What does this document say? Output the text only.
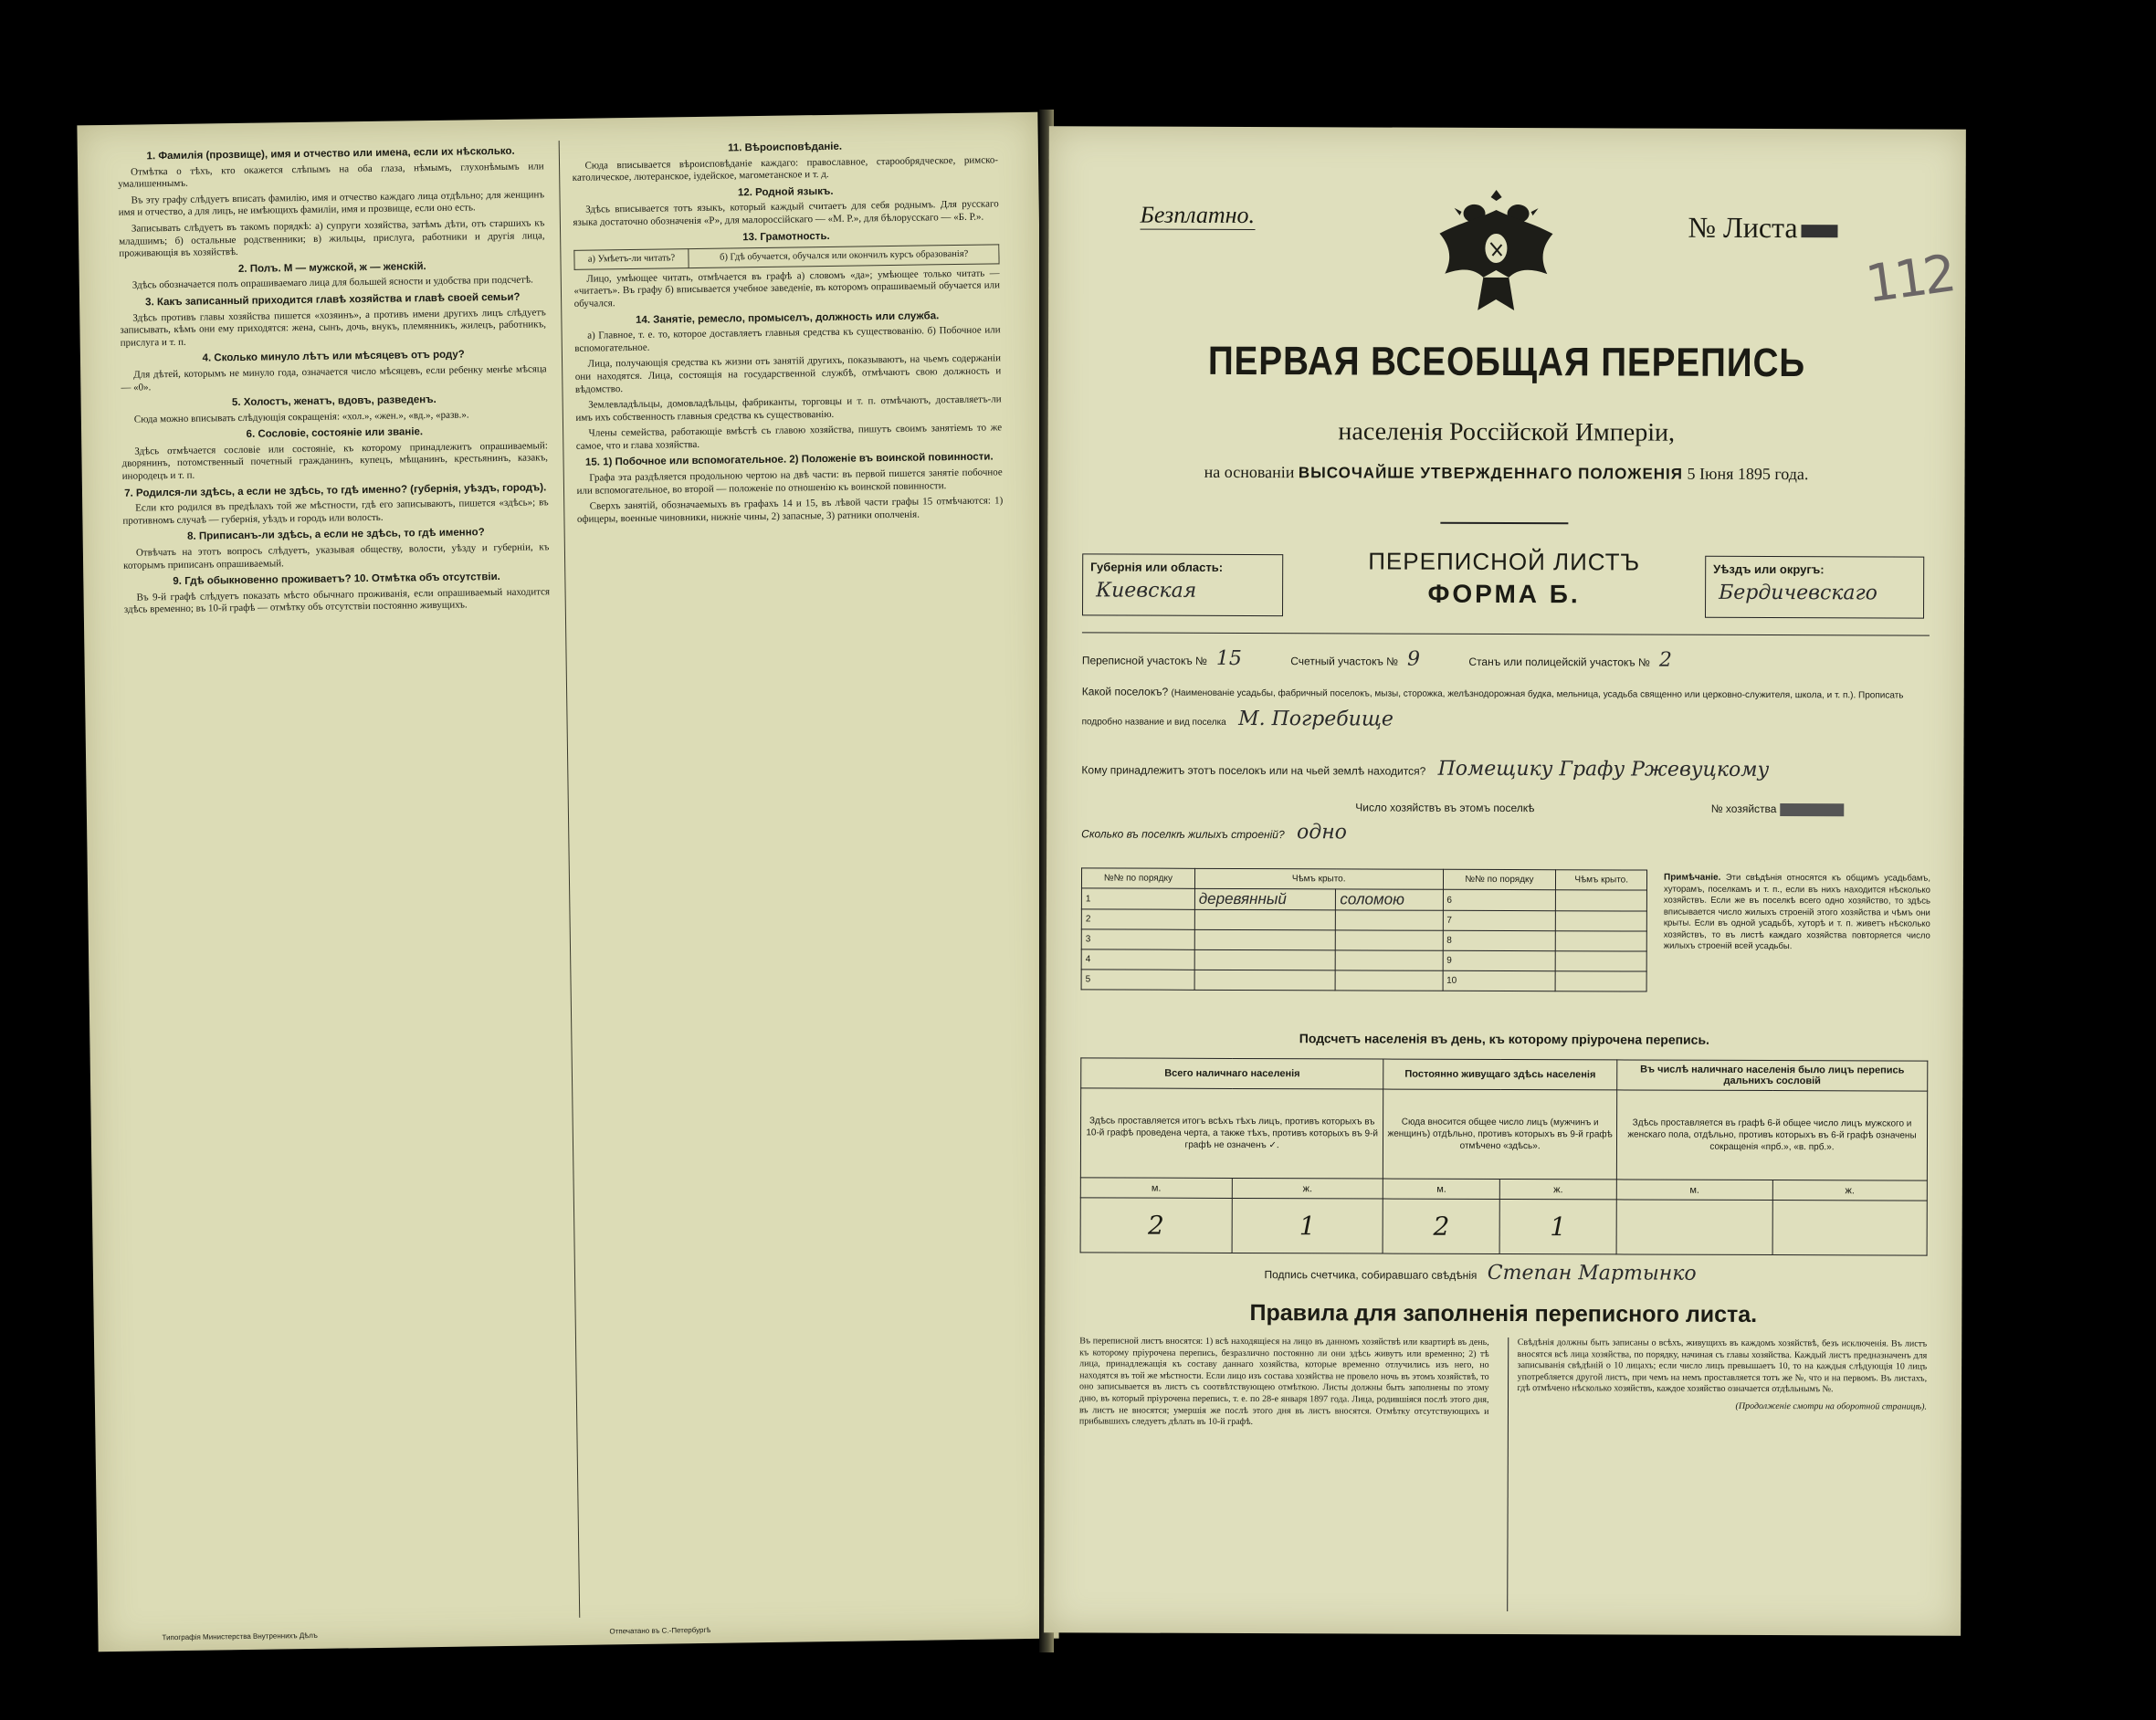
1. Фамилія (прозвище), имя и отчество или имена, если их нѣсколько.

Отмѣтка о тѣхъ, кто окажется слѣпымъ на оба глаза, нѣмымъ, глухонѣмымъ или умалишеннымъ.

Въ эту графу слѣдуетъ вписать фамилію, имя и отчество каждаго лица отдѣльно; для женщинъ имя и отчество, а для лицъ, не имѣющихъ фамиліи, имя и прозвище, если оно есть.

Записывать слѣдуетъ въ такомъ порядкѣ: a) супруги хозяйства, затѣмъ дѣти, отъ старшихъ къ младшимъ; б) остальные родственники; в) жильцы, прислуга, работники и другія лица, проживающія въ хозяйствѣ.

2. Полъ. М — мужской, ж — женскій.

Здѣсь обозначается полъ опрашиваемаго лица для большей ясности и удобства при подсчетѣ.

3. Какъ записанный приходится главѣ хозяйства и главѣ своей семьи?

Здѣсь противъ главы хозяйства пишется «хозяинъ», а противъ имени другихъ лицъ слѣдуетъ записывать, кѣмъ они ему приходятся: жена, сынъ, дочь, внукъ, племянникъ, жилецъ, работникъ, прислуга и т. п.

4. Сколько минуло лѣтъ или мѣсяцевъ отъ роду?

Для дѣтей, которымъ не минуло года, означается число мѣсяцевъ, если ребенку менѣе мѣсяца — «0».

5. Холостъ, женатъ, вдовъ, разведенъ.

Сюда можно вписывать слѣдующія сокращенія: «хол.», «жен.», «вд.», «разв.».

6. Сословіе, состояніе или званіе.

Здѣсь отмѣчается сословіе или состояніе, къ которому принадлежитъ опрашиваемый: дворянинъ, потомственный почетный гражданинъ, купецъ, мѣщанинъ, крестьянинъ, казакъ, инородецъ и т. п.

7. Родился-ли здѣсь, а если не здѣсь, то гдѣ именно? (губернія, уѣздъ, городъ).

Если кто родился въ предѣлахъ той же мѣстности, гдѣ его записываютъ, пишется «здѣсь»; въ противномъ случаѣ — губернія, уѣздъ и городъ или волость.

8. Приписанъ-ли здѣсь, а если не здѣсь, то гдѣ именно?

Отвѣчать на этотъ вопросъ слѣдуетъ, указывая обществу, волости, уѣзду и губерніи, къ которымъ приписанъ опрашиваемый.

9. Гдѣ обыкновенно проживаетъ? 10. Отмѣтка объ отсутствіи.

Въ 9-й графѣ слѣдуетъ показать мѣсто обычнаго проживанія, если опрашиваемый находится здѣсь временно; въ 10-й графѣ — отмѣтку объ отсутствіи постоянно живущихъ.

11. Вѣроисповѣданіе.

Сюда вписывается вѣроисповѣданіе каждаго: православное, старообрядческое, римско-католическое, лютеранское, іудейское, магометанское и т. д.

12. Родной языкъ.

Здѣсь вписывается тотъ языкъ, который каждый считаетъ для себя роднымъ. Для русскаго языка достаточно обозначенія «Р», для малороссійскаго — «М. Р.», для бѣлорусскаго — «Б. Р.».

13. Грамотность.
а) Умѣетъ-ли читать?	б) Гдѣ обучается, обучался или окончилъ курсъ образованія?

Лицо, умѣющее читать, отмѣчается въ графѣ а) словомъ «да»; умѣющее только читать — «читаетъ». Въ графу б) вписывается учебное заведеніе, въ которомъ опрашиваемый обучается или обучался.

14. Занятіе, ремесло, промыселъ, должность или служба.

а) Главное, т. е. то, которое доставляетъ главныя средства къ существованію. б) Побочное или вспомогательное.

Лица, получающія средства къ жизни отъ занятій другихъ, показываютъ, на чьемъ содержаніи они находятся. Лица, состоящія на государственной службѣ, отмѣчаютъ свою должность и вѣдомство.

Землевладѣльцы, домовладѣльцы, фабриканты, торговцы и т. п. отмѣчаютъ, доставляетъ-ли имъ ихъ собственность главныя средства къ существованію.

Члены семейства, работающіе вмѣстѣ съ главою хозяйства, пишутъ своимъ занятіемъ то же самое, что и глава хозяйства.

15. 1) Побочное или вспомогательное. 2) Положеніе въ воинской повинности.

Графа эта раздѣляется продольною чертою на двѣ части: въ первой пишется занятіе побочное или вспомогательное, во второй — положеніе по отношенію къ воинской повинности.

Сверхъ занятій, обозначаемыхъ въ графахъ 14 и 15, въ лѣвой части графы 15 отмѣчаются: 1) офицеры, военные чиновники, нижніе чины, 2) запасные, 3) ратники ополченія.

Типографія Министерства Внутреннихъ Дѣлъ
Отпечатано въ С.-Петербургѣ
Безплатно.	№ Листа
112
ПЕРВАЯ ВСЕОБЩАЯ ПЕРЕПИСЬ
населенія Россійской Имперіи,
на основаніи ВЫСОЧАЙШЕ УТВЕРЖДЕННАГО ПОЛОЖЕНІЯ 5 Іюня 1895 года.
Губернія или область:
Киевская
ПЕРЕПИСНОЙ ЛИСТЪ
ФОРМА Б.
Уѣздъ или округъ:
Бердичевскаго
Переписной участокъ № 15	Счетный участокъ № 9	Станъ или полицейскій участокъ № 2
Какой поселокъ? (Наименованіе усадьбы, фабричный поселокъ, мызы, сторожка, желѣзнодорожная будка, мельница, усадьба священно или церковно-служителя, школа, и т. п.). Прописать подробно название и вид поселка М. Погребище
Кому принадлежитъ этотъ поселокъ или на чьей землѣ находится? Помещику Графу Ржевуцкому
Число хозяйствъ въ этомъ поселкѣ	№ хозяйства
Сколько въ поселкѣ жилыхъ строеній? одно
№№ по порядку	Чѣмъ крыто.		№№ по порядку	Чѣмъ крыто.
1	деревянный	соломою	6	
2			7	
3			8	
4			9	
5			10	
Примѣчаніе. Эти свѣдѣнія относятся къ общимъ усадьбамъ, хуторамъ, поселкамъ и т. п., если въ нихъ находится нѣсколько хозяйствъ. Если же въ поселкѣ всего одно хозяйство, то здѣсь вписывается число жилыхъ строеній этого хозяйства и чѣмъ они крыты. Если въ одной усадьбѣ, хуторѣ и т. п. живетъ нѣсколько хозяйствъ, то въ листѣ каждаго хозяйства повторяется число жилыхъ строеній всей усадьбы.
Подсчетъ населенія въ день, къ которому пріурочена перепись.
Всего наличнаго населенія		Постоянно живущаго здѣсь населенія		Въ числѣ наличнаго населенія было лицъ перепись дальнихъ сословій	
Здѣсь проставляется итогъ всѣхъ тѣхъ лицъ, противъ которыхъ въ 10-й графѣ проведена черта, а также тѣхъ, противъ которыхъ въ 9-й графѣ не означенъ ✓.		Сюда вносится общее число лицъ (мужчинъ и женщинъ) отдѣльно, противъ которыхъ въ 9-й графѣ отмѣчено «здѣсь».		Здѣсь проставляется въ графѣ 6-й общее число лицъ мужского и женскаго пола, отдѣльно, противъ которыхъ въ 6-й графѣ означены сокращенія «прб.», «в. прб.».	
м.	ж.	м.	ж.	м.	ж.
2	1	2	1		
Подпись счетчика, собиравшаго свѣдѣнія Степан Мартынко
Правила для заполненія переписного листа.
Въ переписной листъ вносятся: 1) всѣ находящіеся на лицо въ данномъ хозяйствѣ или квартирѣ въ день, къ которому пріурочена перепись, безразлично постоянно ли они здѣсь живутъ или временно; 2) тѣ лица, принадлежащія къ составу даннаго хозяйства, которые временно отлучились изъ него, но находятся въ той же мѣстности. Если лицо изъ состава хозяйства не провело ночь въ этомъ хозяйствѣ, то оно записывается въ листъ съ соотвѣтствующею отмѣткою. Листы должны быть заполнены по этому дню, въ который пріурочена перепись, т. е. по 28-е января 1897 года. Лица, родившіяся послѣ этого дня, въ листъ не вносятся; умершія же послѣ этого дня въ листъ вносятся. Отмѣтку отсутствующихъ и прибывшихъ следуетъ дѣлать въ 10-й графѣ.
Свѣдѣнія должны быть записаны о всѣхъ, живущихъ въ каждомъ хозяйствѣ, безъ исключенія. Въ листъ вносятся всѣ лица хозяйства, по порядку, начиная съ главы хозяйства. Каждый листъ предназначенъ для записыванія свѣдѣній о 10 лицахъ; если число лицъ превышаетъ 10, то на каждыя слѣдующія 10 лицъ употребляется другой листъ, при чемъ на немъ проставляется тотъ же №, что и на первомъ. Въ листахъ, гдѣ отмѣчено нѣсколько хозяйствъ, каждое хозяйство означается отдѣльнымъ №.
(Продолженіе смотри на оборотной страницѣ).
